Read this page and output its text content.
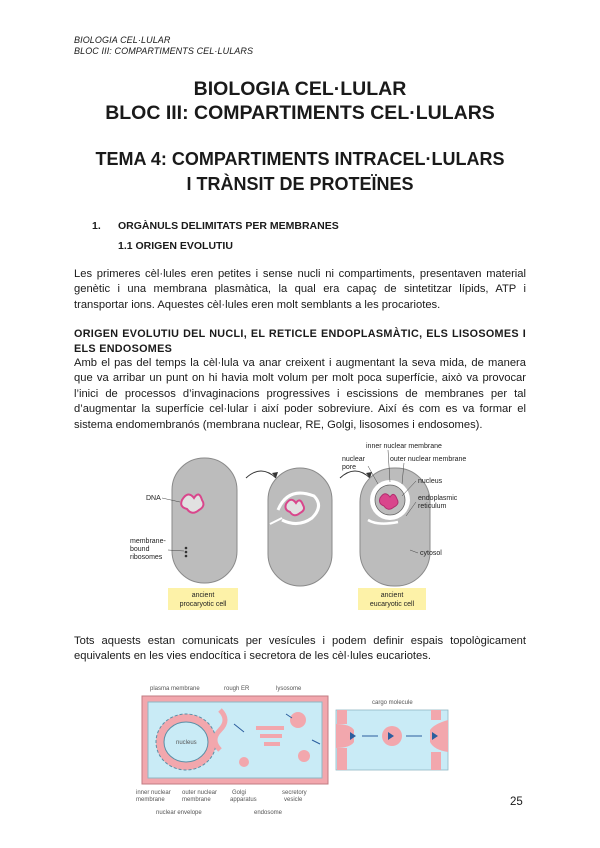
BIOLOGIA CEL·LULAR
BLOC III: COMPARTIMENTS CEL·LULARS
BIOLOGIA CEL·LULAR
BLOC III: COMPARTIMENTS CEL·LULARS
TEMA 4: COMPARTIMENTS INTRACEL·LULARS
I TRÀNSIT DE PROTEÏNES
1. ORGÀNULS DELIMITATS PER MEMBRANES
1.1 ORIGEN EVOLUTIU
Les primeres cèl·lules eren petites i sense nucli ni compartiments, presentaven material genètic i una membrana plasmàtica, la qual era capaç de sintetitzar lípids, ATP i transportar ions. Aquestes cèl·lules eren molt semblants a les procariotes.
ORIGEN EVOLUTIU DEL NUCLI, EL RETICLE ENDOPLASMÀTIC, ELS LISOSOMES I ELS ENDOSOMES
Amb el pas del temps la cèl·lula va anar creixent i augmentant la seva mida, de manera que va arribar un punt on hi havia molt volum per molt poca superfície, això va provocar l’inici de processos d’invaginacions progressives i escissions de membranes per tal d’augmentar la superfície cel·lular i així poder sobreviure. Així és com es va formar el sistema endomembranós (membrana nuclear, RE, Golgi, lisosomes i endosomes).
DNA
membrane-
bound
ribosomes
inner nuclear membrane
nuclear
pore
outer nuclear membrane
nucleus
endoplasmic
reticulum
cytosol
ancient
procaryotic cell
ancient
eucaryotic cell
Tots aquests estan comunicats per vesícules i podem definir espais topològicament equivalents en les vies endocítica i secretora de les cèl·lules eucariotes.
nucleus
plasma membrane	rough ER	lysosome
inner nuclear
membrane
outer nuclear
membrane
Golgi
apparatus
secretory
vesicle
nuclear envelope	endosome
cargo molecule
25
